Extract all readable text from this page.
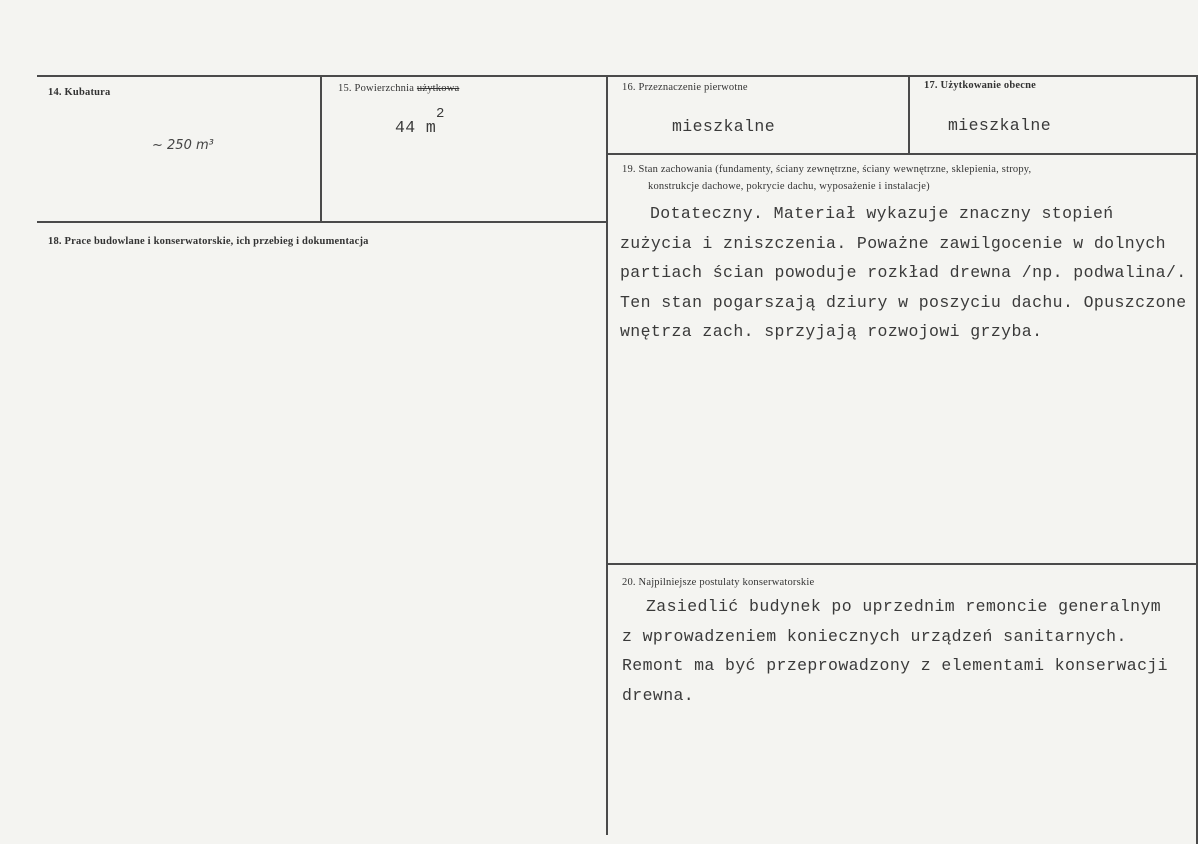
14. Kubatura
~ 250 m³
15. Powierzchnia użytkowa
44 m
2
16. Przeznaczenie pierwotne
mieszkalne
17. Użytkowanie obecne
mieszkalne
18. Prace budowlane i konserwatorskie, ich przebieg i dokumentacja
19. Stan zachowania (fundamenty, ściany zewnętrzne, ściany wewnętrzne, sklepienia, stropy,
konstrukcje dachowe, pokrycie dachu, wyposażenie i instalacje)
Dotateczny. Materiał wykazuje znaczny stopień
zużycia i zniszczenia. Poważne zawilgocenie w dolnych
partiach ścian powoduje rozkład drewna /np. podwalina/.
Ten stan pogarszają dziury w poszyciu dachu. Opuszczone
wnętrza zach. sprzyjają rozwojowi grzyba.
20. Najpilniejsze postulaty konserwatorskie
Zasiedlić budynek po uprzednim remoncie generalnym
z wprowadzeniem koniecznych urządzeń sanitarnych.
Remont ma być przeprowadzony z elementami konserwacji
drewna.
